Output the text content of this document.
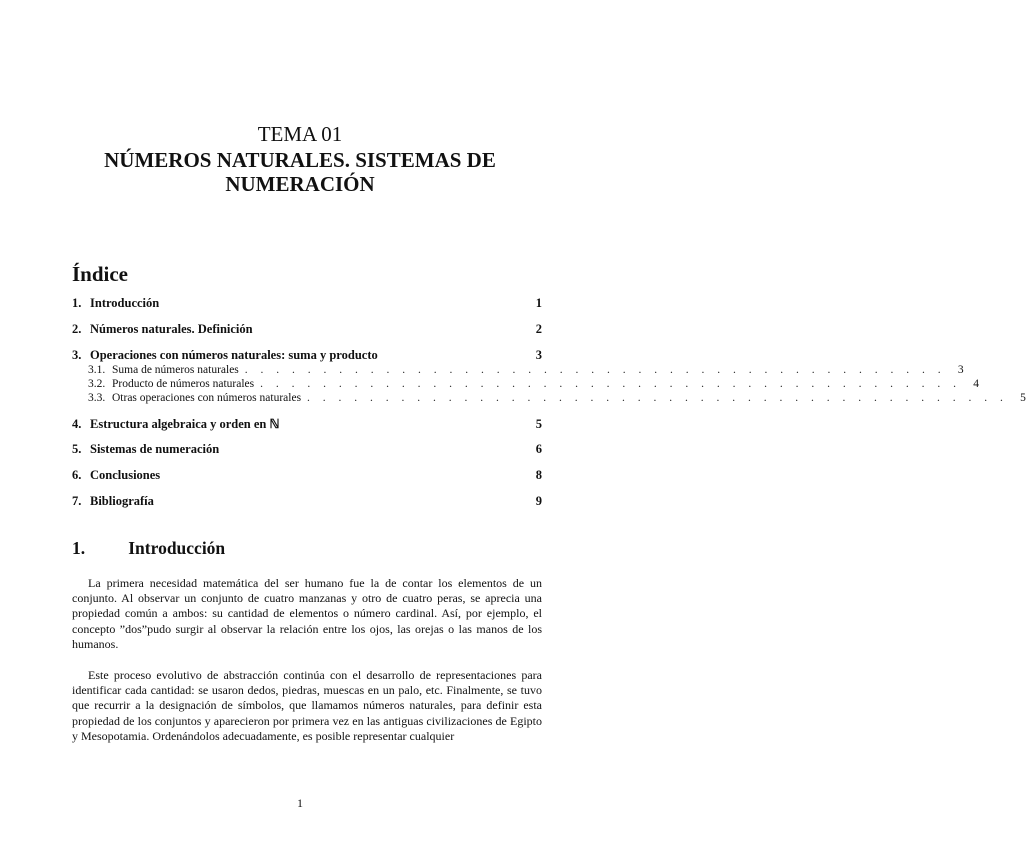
TEMA 01

NÚMEROS NATURALES. SISTEMAS DE NUMERACIÓN

Índice
1. Introducción	1
2. Números naturales. Definición	2
3. Operaciones con números naturales: suma y producto	3
3.1. Suma de números naturales . . . . . . . . . . . . . . . . . . . . . . . . . . . . . . . . . . . . . . . . . . . . .	3
3.2. Producto de números naturales . . . . . . . . . . . . . . . . . . . . . . . . . . . . . . . . . . . . . . . . . . . . .	4
3.3. Otras operaciones con números naturales . . . . . . . . . . . . . . . . . . . . . . . . . . . . . . . . . . . . . . . . . . . . .	5
4. Estructura algebraica y orden en ℕ	5
5. Sistemas de numeración	6
6. Conclusiones	8
7. Bibliografía	9
1.   Introducción

La primera necesidad matemática del ser humano fue la de contar los elementos de un conjunto. Al observar un conjunto de cuatro manzanas y otro de cuatro peras, se aprecia una propiedad común a ambos: su cantidad de elementos o número cardinal. Así, por ejemplo, el concepto ”dos”pudo surgir al observar la relación entre los ojos, las orejas o las manos de los humanos.

Este proceso evolutivo de abstracción continúa con el desarrollo de representaciones para identificar cada cantidad: se usaron dedos, piedras, muescas en un palo, etc. Finalmente, se tuvo que recurrir a la designación de símbolos, que llamamos números naturales, para definir esta propiedad de los conjuntos y aparecieron por primera vez en las antiguas civilizaciones de Egipto y Mesopotamia. Ordenándolos adecuadamente, es posible representar cualquier

1
